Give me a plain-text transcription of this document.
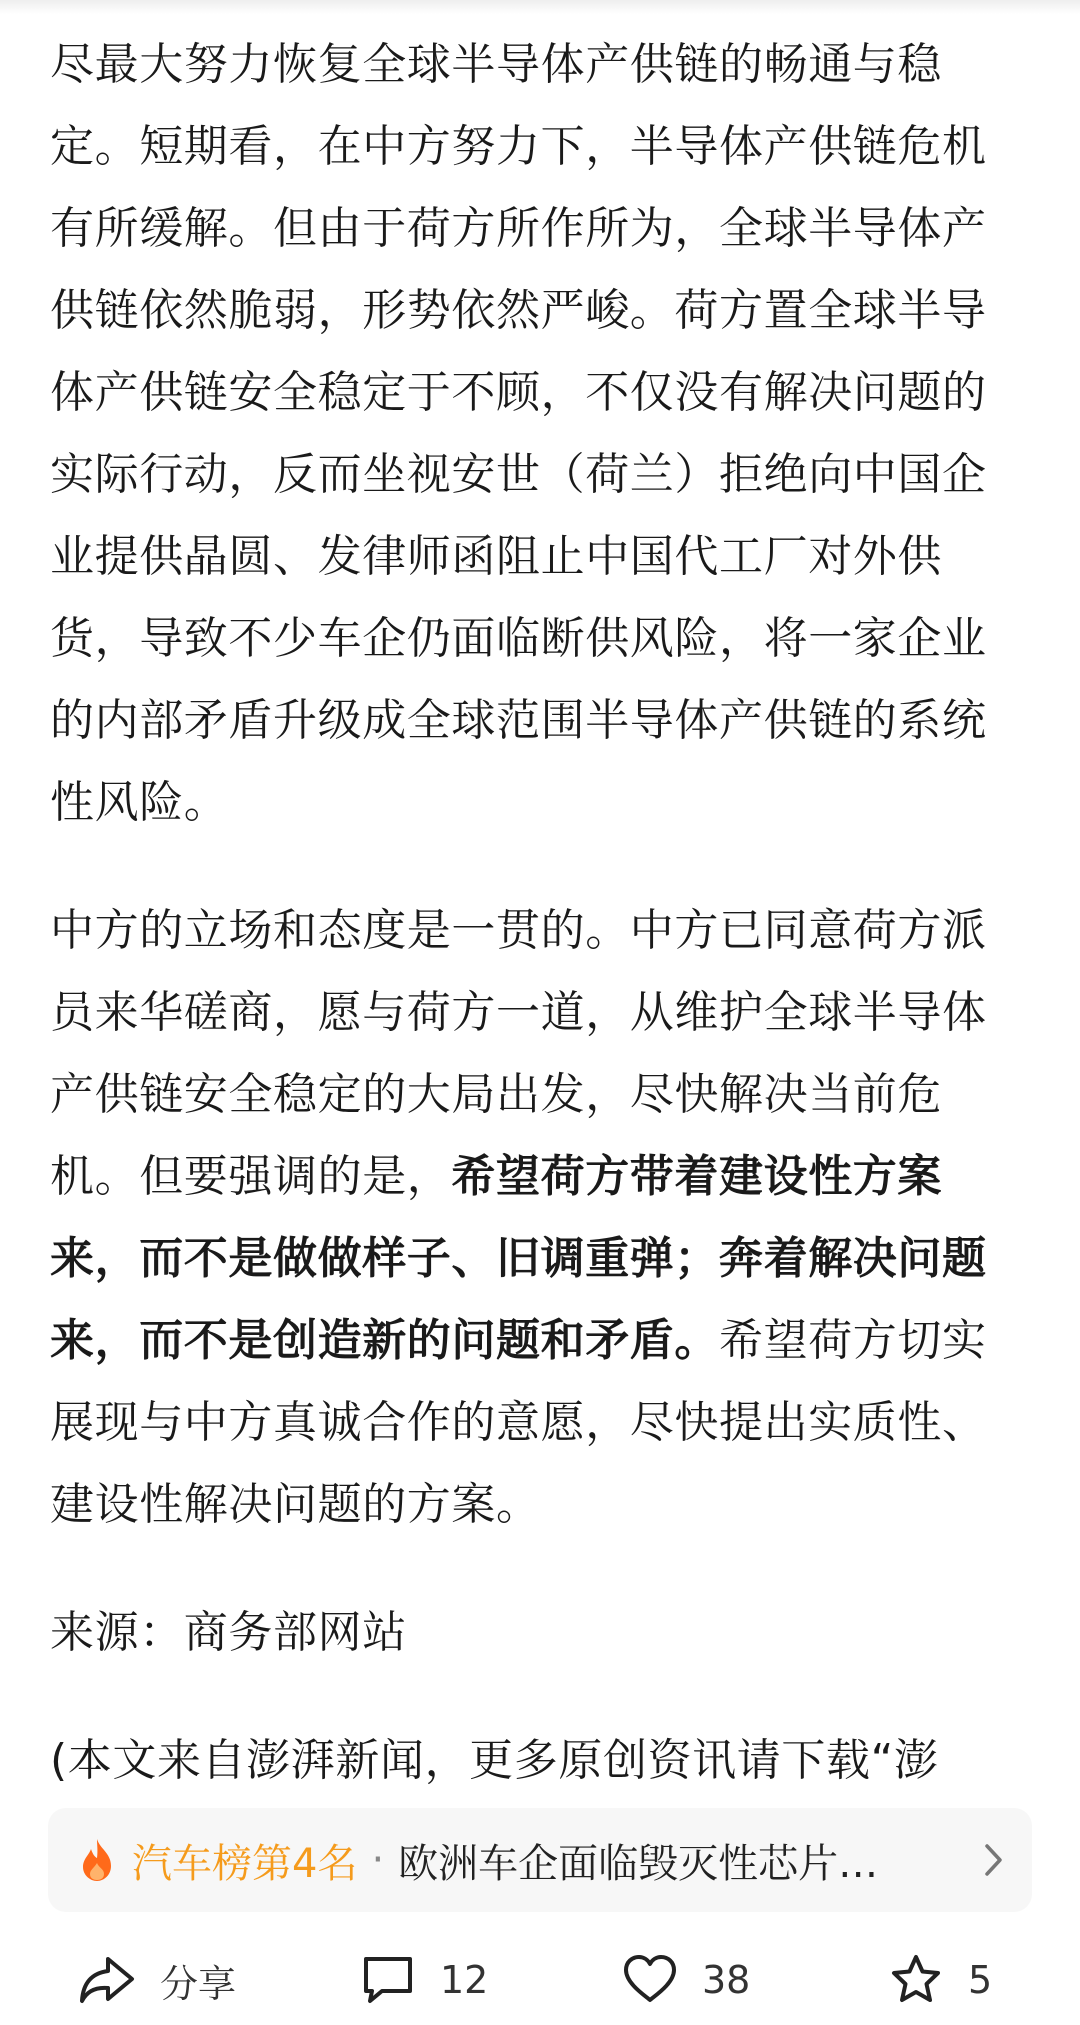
尽最大努力恢复全球半导体产供链的畅通与稳定。短期看，在中方努力下，半导体产供链危机有所缓解。但由于荷方所作所为，全球半导体产供链依然脆弱，形势依然严峻。荷方置全球半导体产供链安全稳定于不顾，不仅没有解决问题的实际行动，反而坐视安世（荷兰）拒绝向中国企业提供晶圆、发律师函阻止中国代工厂对外供货，导致不少车企仍面临断供风险，将一家企业的内部矛盾升级成全球范围半导体产供链的系统性风险。

中方的立场和态度是一贯的。中方已同意荷方派员来华磋商，愿与荷方一道，从维护全球半导体产供链安全稳定的大局出发，尽快解决当前危机。但要强调的是，希望荷方带着建设性方案来，而不是做做样子、旧调重弹；奔着解决问题来，而不是创造新的问题和矛盾。希望荷方切实展现与中方真诚合作的意愿，尽快提出实质性、建设性解决问题的方案。

来源：商务部网站

(本文来自澎湃新闻，更多原创资讯请下载“澎

汽车榜第4名 · 欧洲车企面临毁灭性芯片…
分享	12	38	5
